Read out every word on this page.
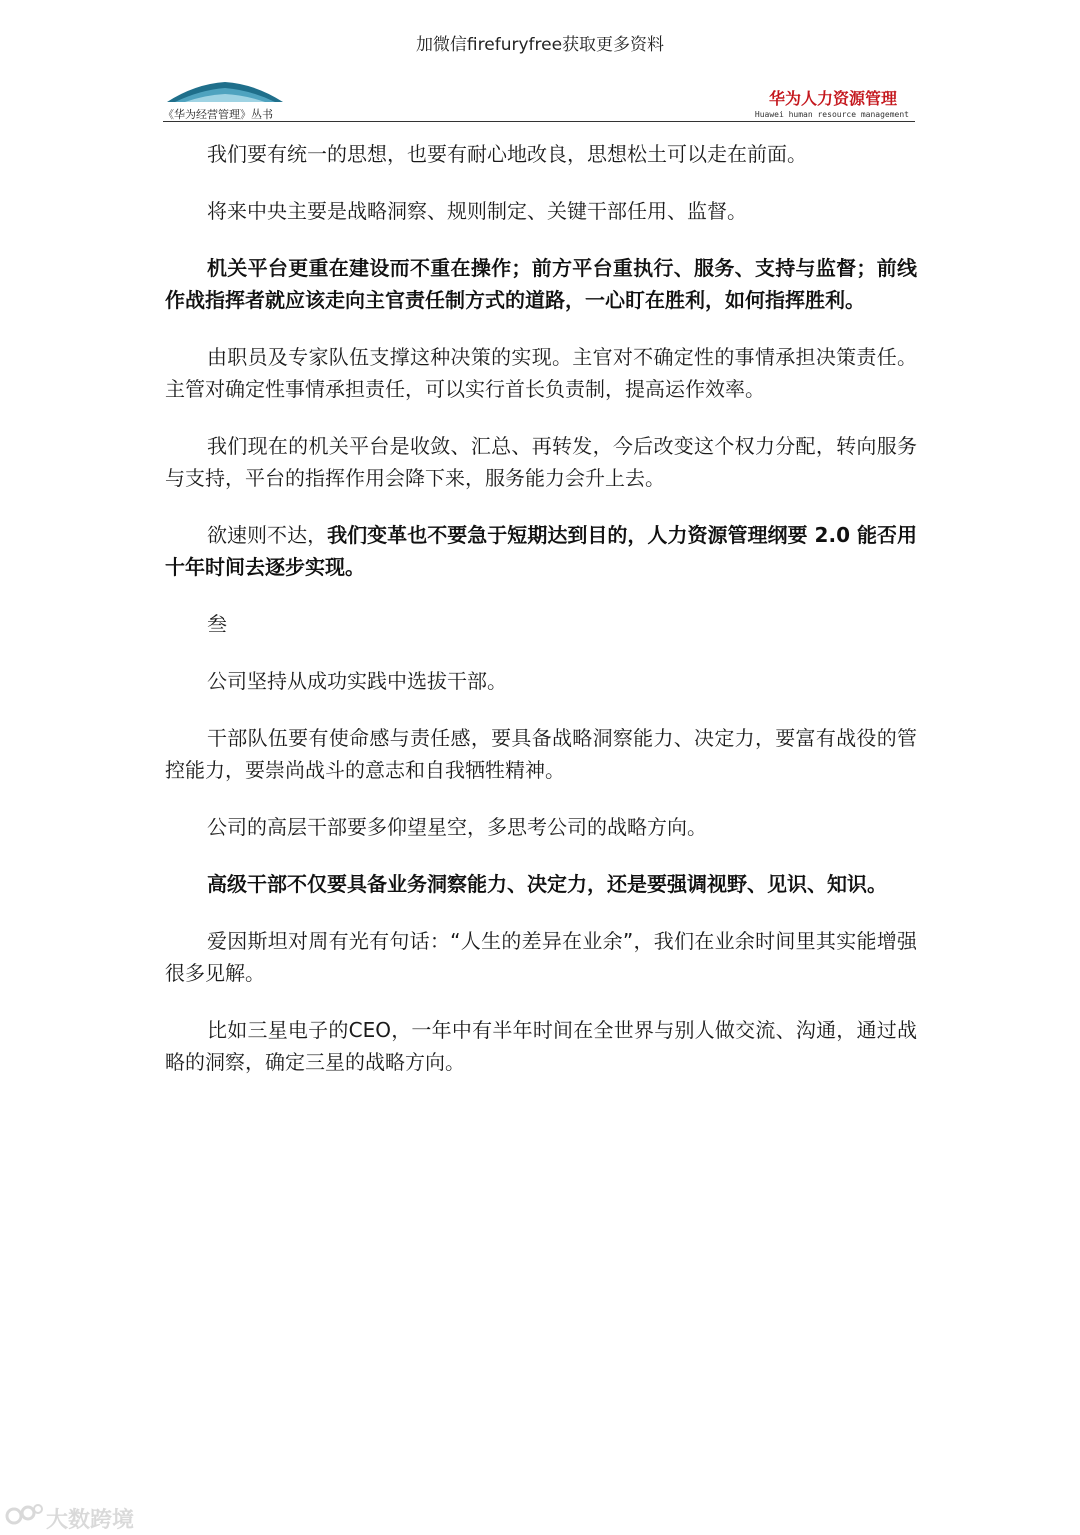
加微信firefuryfree获取更多资料
《华为经营管理》丛书
华为人力资源管理
Huawei human resource management

我们要有统一的思想，也要有耐心地改良，思想松土可以走在前面。

将来中央主要是战略洞察、规则制定、关键干部任用、监督。

机关平台更重在建设而不重在操作；前方平台重执行、服务、支持与监督；前线作战指挥者就应该走向主官责任制方式的道路，一心盯在胜利，如何指挥胜利。

由职员及专家队伍支撑这种决策的实现。主官对不确定性的事情承担决策责任。主管对确定性事情承担责任，可以实行首长负责制，提高运作效率。

我们现在的机关平台是收敛、汇总、再转发，今后改变这个权力分配，转向服务与支持，平台的指挥作用会降下来，服务能力会升上去。

欲速则不达，我们变革也不要急于短期达到目的，人力资源管理纲要 2.0 能否用十年时间去逐步实现。

叁

公司坚持从成功实践中选拔干部。

干部队伍要有使命感与责任感，要具备战略洞察能力、决定力，要富有战役的管控能力，要崇尚战斗的意志和自我牺牲精神。

公司的高层干部要多仰望星空，多思考公司的战略方向。

高级干部不仅要具备业务洞察能力、决定力，还是要强调视野、见识、知识。

爱因斯坦对周有光有句话：“人生的差异在业余”，我们在业余时间里其实能增强很多见解。

比如三星电子的CEO，一年中有半年时间在全世界与别人做交流、沟通，通过战略的洞察，确定三星的战略方向。

大数跨境
